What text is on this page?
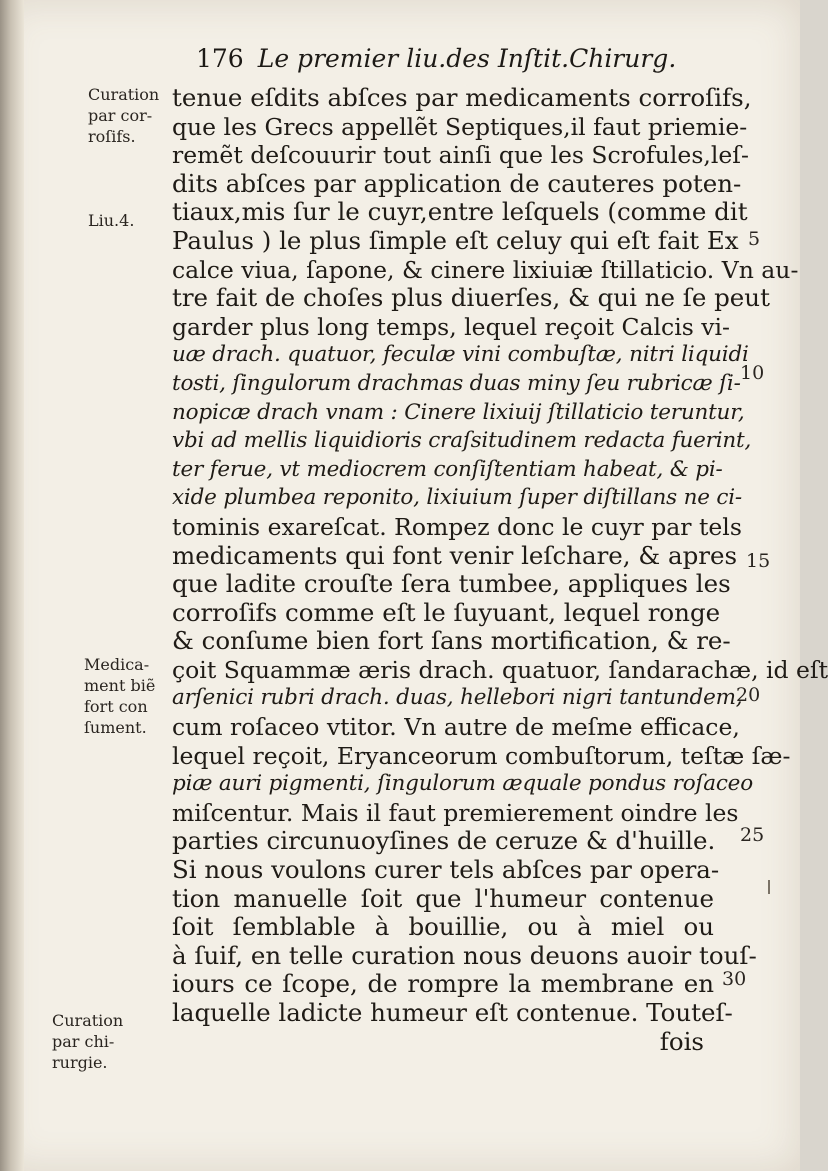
176 Le premier liu.des Inſtit.Chirurg.
Curation
par cor-
roſifs.
Liu.4.
Medica-
ment biẽ
fort con
ſument.
Curation
par chi-
rurgie.
5
10
15
20
25
30
tenue eſdits abſces par medicaments corroſifs,
que les Grecs appellẽt Septiques,il faut priemie-
remẽt deſcouurir tout ainſi que les Scrofules,leſ-
dits abſces par application de cauteres poten-
tiaux,mis ſur le cuyr,entre leſquels (comme dit
Paulus ) le plus ſimple eſt celuy qui eſt fait Ex
calce viua, ſapone, & cinere lixiuiæ ſtillaticio. Vn au-
tre fait de choſes plus diuerſes, & qui ne ſe peut
garder plus long temps, lequel reçoit Calcis vi-
uæ drach. quatuor, feculæ vini combuſtæ, nitri liquidi
tosti, ſingulorum drachmas duas miny ſeu rubricæ ſi-
nopicæ drach vnam : Cinere lixiuij ſtillaticio teruntur,
vbi ad mellis liquidioris craſsitudinem redacta fuerint,
ter ferue, vt mediocrem conſiſtentiam habeat, & pi-
xide plumbea reponito, lixiuium ſuper diſtillans ne ci-
tominis exareſcat. Rompez donc le cuyr par tels
medicaments qui font venir leſchare, & apres
que ladite crouſte ſera tumbee, appliques les
corroſifs comme eſt le ſuyuant, lequel ronge
& conſume bien fort ſans mortification, & re-
çoit Squammæ æris drach. quatuor, ſandarachæ, id eſt
arſenici rubri drach. duas, hellebori nigri tantundem,
cum roſaceo vtitor. Vn autre de meſme efficace,
lequel reçoit, Eryanceorum combuſtorum, teſtæ ſæ-
piæ auri pigmenti, ſingulorum æquale pondus roſaceo
miſcentur. Mais il faut premierement oindre les
parties circunuoyſines de ceruze & d'huille.
Si nous voulons curer tels abſces par opera-
tion manuelle ſoit que l'humeur contenue
ſoit ſemblable à bouillie, ou à miel ou
à ſuif, en telle curation nous deuons auoir touſ-
iours ce ſcope, de rompre la membrane en
laquelle ladicte humeur eſt contenue. Touteſ-
fois
